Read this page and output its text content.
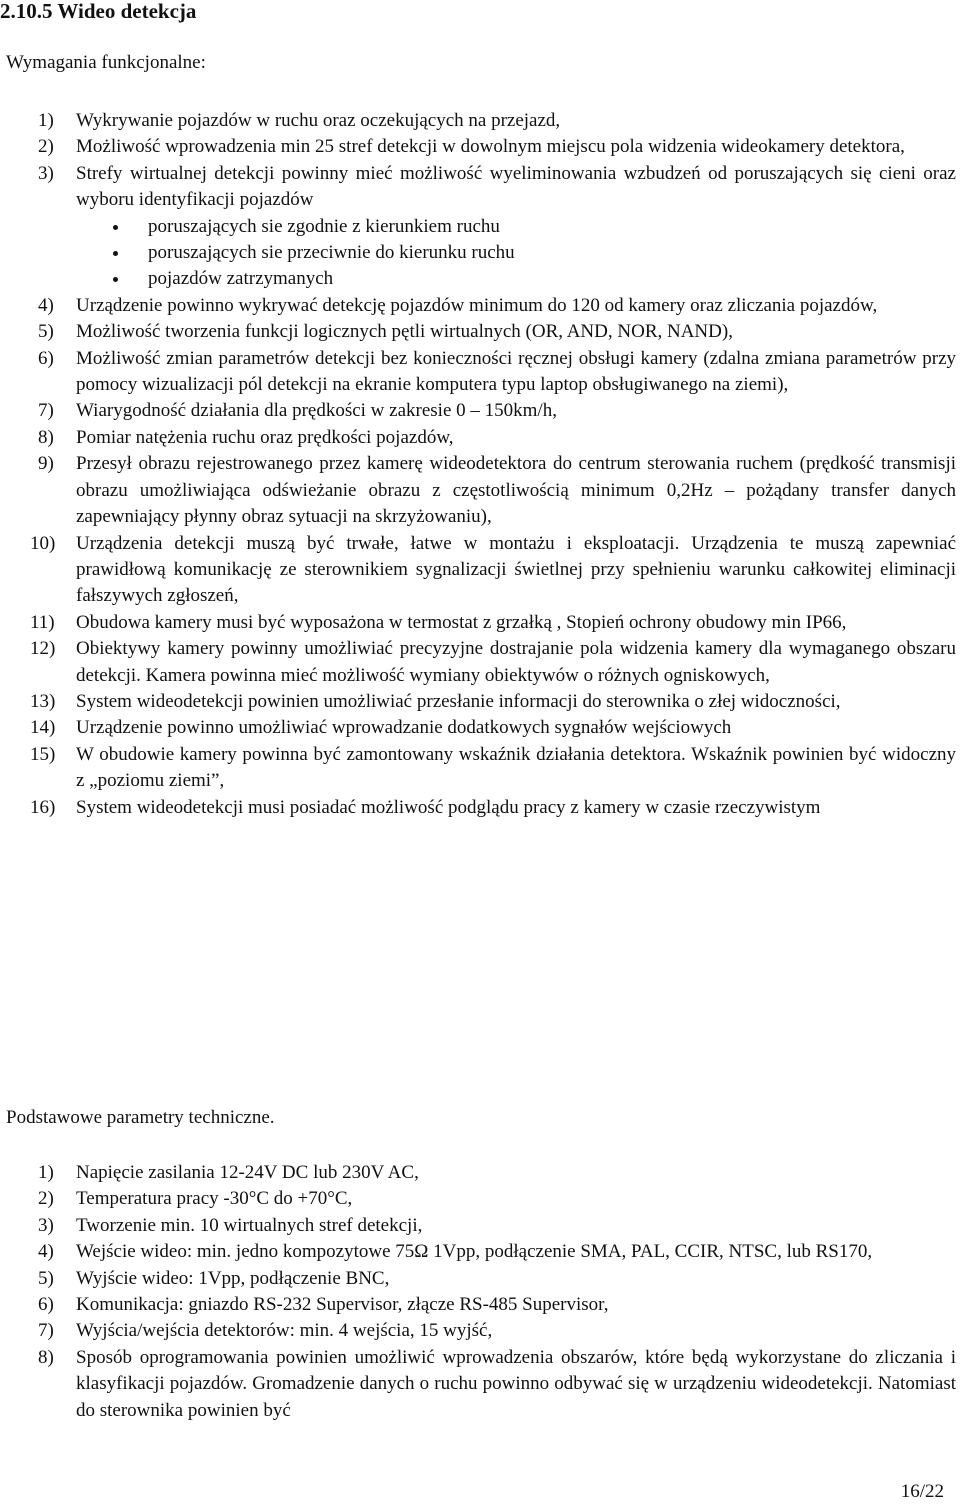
2.10.5 Wideo detekcja
Wymagania funkcjonalne:
1) Wykrywanie pojazdów w ruchu oraz oczekujących na przejazd,
2) Możliwość wprowadzenia min 25 stref detekcji w dowolnym miejscu pola widzenia wideokamery detektora,
3) Strefy wirtualnej detekcji powinny mieć możliwość wyeliminowania wzbudzeń od poruszających się cieni oraz wyboru identyfikacji pojazdów
poruszających sie zgodnie z kierunkiem ruchu
poruszających sie przeciwnie do kierunku ruchu
pojazdów zatrzymanych
4) Urządzenie powinno wykrywać detekcję pojazdów minimum do 120 od kamery oraz zliczania pojazdów,
5) Możliwość tworzenia funkcji logicznych pętli wirtualnych (OR, AND, NOR, NAND),
6) Możliwość zmian parametrów detekcji bez konieczności ręcznej obsługi kamery (zdalna zmiana parametrów przy pomocy wizualizacji pól detekcji na ekranie komputera typu laptop obsługiwanego na ziemi),
7) Wiarygodność działania dla prędkości w zakresie 0 – 150km/h,
8) Pomiar natężenia ruchu oraz prędkości pojazdów,
9) Przesył obrazu rejestrowanego przez kamerę wideodetektora do centrum sterowania ruchem (prędkość transmisji obrazu umożliwiająca odświeżanie obrazu z częstotliwością minimum 0,2Hz – pożądany transfer danych zapewniający płynny obraz sytuacji na skrzyżowaniu),
10) Urządzenia detekcji muszą być trwałe, łatwe w montażu i eksploatacji. Urządzenia te muszą zapewniać prawidłową komunikację ze sterownikiem sygnalizacji świetlnej przy spełnieniu warunku całkowitej eliminacji fałszywych zgłoszeń,
11) Obudowa kamery musi być wyposażona w termostat z grzałką , Stopień ochrony obudowy min IP66,
12) Obiektywy kamery powinny umożliwiać precyzyjne dostrajanie pola widzenia kamery dla wymaganego obszaru detekcji. Kamera powinna mieć możliwość wymiany obiektywów o różnych ogniskowych,
13) System wideodetekcji powinien umożliwiać przesłanie informacji do sterownika o złej widoczności,
14) Urządzenie powinno umożliwiać wprowadzanie dodatkowych sygnałów wejściowych
15) W obudowie kamery powinna być zamontowany wskaźnik działania detektora. Wskaźnik powinien być widoczny z „poziomu ziemi”,
16) System wideodetekcji musi posiadać możliwość podglądu pracy z kamery w czasie rzeczywistym
Podstawowe parametry techniczne.
1) Napięcie zasilania 12-24V DC lub 230V AC,
2) Temperatura pracy -30°C do +70°C,
3) Tworzenie min. 10 wirtualnych stref detekcji,
4) Wejście wideo: min. jedno kompozytowe 75Ω 1Vpp, podłączenie SMA, PAL, CCIR, NTSC, lub RS170,
5) Wyjście wideo: 1Vpp, podłączenie BNC,
6) Komunikacja: gniazdo RS-232 Supervisor, złącze RS-485 Supervisor,
7) Wyjścia/wejścia detektorów: min. 4 wejścia, 15 wyjść,
8) Sposób oprogramowania powinien umożliwić wprowadzenia obszarów, które będą wykorzystane do zliczania i klasyfikacji pojazdów. Gromadzenie danych o ruchu powinno odbywać się w urządzeniu wideodetekcji. Natomiast do sterownika powinien być
16/22
